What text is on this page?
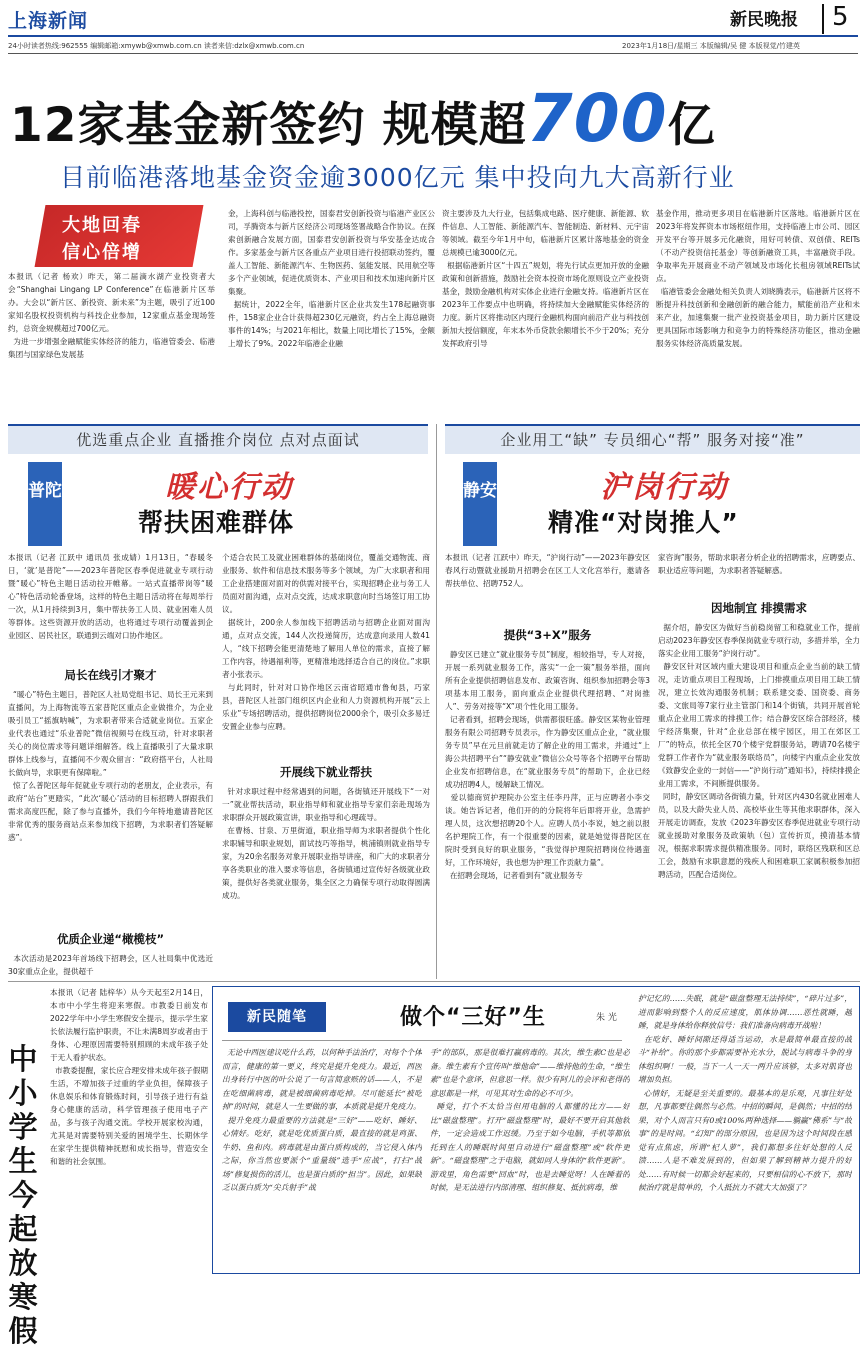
上海新闻	新民晚报 5
24小时读者热线:962555 编辑邮箱:xmywb@xmwb.com.cn 读者来信:dzlx@xmwb.com.cn	2023年1月18日/星期三 本版编辑/吴 健 本版视觉/竹建英
12家基金新签约 规模超700亿
目前临港落地基金资金逾3000亿元 集中投向九大高新行业
大地回春
信心倍增
本报讯（记者 杨欢）昨天，第二届滴水湖产业投资者大会“Shanghai Lingang LP Conference”在临港新片区举办。大会以“新片区、新投资、新未来”为主题，吸引了近100家知名股权投资机构与科技企业参加，12家重点基金现场签约，总资金规模超过700亿元。
为进一步增强金融赋能实体经济的能力，临港管委会、临港集团与国家绿色发展基
金，上海科创与临港投控，国泰君安创新投资与临港产业区公司，孚腾资本与新片区经济公司现场签署战略合作协议。在探索创新融合发展方面，国泰君安创新投资与华安基金达成合作。多家基金与新片区各重点产业项目进行投招联动签约，覆盖人工智能、新能源汽车、生物医药、氢能发展、民用航空等多个产业领域，促进优质资本、产业项目和技术加速向新片区集聚。
据统计，2022全年，临港新片区企业共发生178起融资事件，158家企业合计获得超230亿元融资，约占全上海总融资事件的14%；与2021年相比，数量上同比增长了15%，金额上增长了9%。2022年临港企业融
资主要涉及九大行业，包括集成电路、医疗健康、新能源、软件信息、人工智能、新能源汽车、智能制造、新材料、元宇宙等领域。截至今年1月中旬，临港新片区累计落地基金的资金总规模已逾3000亿元。
根据临港新片区“十四五”规划，将先行试点更加开放的金融政策和创新措施，鼓励社会资本投资市场化原则设立产业投资基金，鼓励金融机构对实体企业进行金融支持。临港新片区在2023年工作要点中也明确，将持续加大金融赋能实体经济的力度。新片区将推动区内现行金融机构面向前沿产业与科技创新加大授信额度，年末本外币贷款余额增长不少于20%；充分发挥政府引导
基金作用，推动更多项目在临港新片区落地。临港新片区在2023年将发挥资本市场枢纽作用，支持临港上市公司、园区开发平台等开展多元化融资，用好可转债、双创债、REITs（不动产投资信托基金）等创新融资工具，丰富融资手段。争取率先开展商业不动产领域及市场化长租房领域REITs试点。
临港管委会金融处相关负责人刘晓腾表示，临港新片区将不断提升科技创新和金融创新的融合能力，赋能前沿产业和未来产业，加速集聚一批产业投资基金项目，助力新片区建设更具国际市场影响力和竞争力的特殊经济功能区，推动金融服务实体经济高质量发展。
优选重点企业 直播推介岗位 点对点面试
普陀	暖心行动
帮扶困难群体
本报讯（记者 江跃中 通讯员 张成婧）1月13日，“春暖冬日，‘就’是普陀”——2023年普陀区春季促进就业专项行动暨“暖心”特色主题日活动拉开帷幕。一站式直播带岗等“暖心”特色活动轮番登场，这样的特色主题日活动将在每周举行一次，从1月持续到3月，集中帮扶务工人员、就业困难人员等群体。这些资源开放的活动，也将通过专项行动覆盖到企业园区、居民社区，联通到云端对口协作地区。
局长在线引才聚才
“暖心”特色主题日，普陀区人社局党组书记、局长王元来到直播间，为上海物流等五家普陀区重点企业做推介，为企业吸引员工“摇旗呐喊”，为求职者带来合适就业岗位。五家企业代表也通过“乐业普陀”微信视频号在线互动，针对求职者关心的岗位需求等问题详细解答。线上直播吸引了大量求职群体上线参与，直播间不少观众留言：“政府搭平台，人社局长做向导，求职更有保障啦。”
惊了么普陀区每年促就业专项行动的老朋友，企业表示，有政府“站台”更踏实，“此次‘暖心’活动的目标招聘人群跟我们需求高度匹配，除了参与直播外，我们今年特地邀请普陀区非常优秀的服务商站点来参加线下招聘，为求职者们答疑解惑”。
优质企业递“橄榄枝”
本次活动是2023年首场线下招聘会，区人社局集中优选近30家重点企业，提供超千
个适合农民工及就业困难群体的基础岗位，覆盖交通物流、商业服务、软件和信息技术服务等多个领域，为广大求职者和用工企业搭建面对面对的供需对接平台，实现招聘企业与务工人员面对面沟通，点对点交流，达成求职意向时当场签订用工协议。
据统计，200余人参加线下招聘活动与招聘企业面对面沟通，点对点交流，144人次投递简历，达成意向录用人数41人，“线下招聘会能更清楚地了解用人单位的需求，直接了解工作内容，待遇福利等，更精准地选择适合自己的岗位。”求职者小张表示。
与此同时，针对对口协作地区云南省昭通市鲁甸县，巧家县，普陀区人社部门组织区内企业和人力资源机构开展“云上乐业”专场招聘活动，提供招聘岗位2000余个，吸引众多易迁安置企业参与应聘。
开展线下就业帮扶
针对求职过程中经常遇到的问题，各街镇还开展线下“一对一”就业帮扶活动，职业指导师和就业指导专家们亲赴现场为求职群众开展政策宣讲，职业指导和心理疏导。
在曹杨、甘泉、万里街道，职业指导师为求职者提供个性化求职辅导和职业规划，面试技巧等指导，桃浦镇则就业指导专家，为20余名服务对象开展职业指导讲座，和广大的求职者分享各类职业的准入要求等信息，各街镇通过宣传好各级就业政策，提供好各类就业服务，集全区之力确保专项行动取得圆满成功。
企业用工“缺” 专员细心“帮” 服务对接“准”
静安	沪岗行动
精准“对岗推人”
本报讯（记者 江跃中）昨天，“沪岗行动”——2023年静安区春风行动暨就业援助月招聘会在区工人文化宫举行，邀请各帮扶单位、招聘752人。
提供“3+X”服务
静安区已建立“就业服务专员”制度，相较指导，专人对接，开展一系列就业服务工作，落实“一企一策”服务举措，面向所有企业提供招聘信息发布、政策咨询、组织参加招聘会等3项基本用工服务，面向重点企业提供代理招聘、“对岗推人”、劳务对接等“X”项个性化用工服务。
记者看到，招聘会现场，供需都很旺盛。静安区某物业管理服务有限公司招聘专员表示，作为静安区重点企业，“就业服务专员”早在元旦前就走访了解企业的用工需求，并通过“上海公共招聘平台”“静安就业”微信公众号等各个招聘平台帮助企业发布招聘信息，在“就业服务专员”的帮助下，企业已经成功招聘4人，缓解缺工情况。
爱以德商贸护理院办公室主任李丹萍，正与应聘者小李交谈。她告诉记者，他们开的的分院将年后即将开业，急需护理人员，这次想招聘20个人。应聘人员小李说，她之前以报名护理院工作，有一个很重要的因素，就是她觉得普陀区在院时受到良好的职业服务，“我觉得护理院招聘岗位待遇蛮好，工作环境好，我也想为护理工作贡献力量”。
在招聘会现场，记者看到有“就业服务专
家咨询”服务，帮助求职者分析企业的招聘需求，应聘要点、职业适应等问题，为求职者答疑解惑。
因地制宜 排摸需求
据介绍，静安区为做好当前稳岗留工和稳就业工作，提前启动2023年静安区春季保岗就业专项行动，多措并举，全力落实企业用工服务“沪岗行动”。
静安区针对区域内重大建设项目和重点企业当前的缺工情况，走访重点项目工程现场，上门排摸重点项目用工缺工情况，建立长效沟通服务机制；联系建交委、国资委、商务委、文旅局等7家行业主管部门和14个街镇，共同开展首轮重点企业用工需求的排摸工作；结合静安区综合部经济，楼宇经济集聚，针对“企业总部在楼宇园区，用工在郊区工厂”的特点，依托全区70个楼宇党群服务站，聘请70名楼宇党群工作者作为“就业服务联络员”，向楼宇内重点企业发放《致静安企业的一封信——“沪岗行动”通知书》，持续排摸企业用工需求，不间断提供服务。
同时，静安区调动各街镇力量，针对区内430名就业困难人员，以及大龄失业人员、高校毕业生等其他求职群体，深入开展走访调查，发放《2023年静安区春季促进就业专项行动就业援助对象服务及政策轨（包）宣传折页，摸清基本情况，根据求职需求提供精准服务。同时，联络区残联和区总工会，鼓励有求职意愿的残疾人和困难职工家属积极参加招聘活动，匹配合适岗位。
中小学生今起放寒假
本报讯（记者 陆梓华）从今天起至2月14日，本市中小学生将迎来寒假。市教委日前发布2022学年中小学生寒假安全提示，提示学生家长依法履行监护职责，不让未满8周岁或者由于身体、心理原因需要特别照顾的未成年孩子处于无人看护状态。
市教委提醒，家长应合理安排未成年孩子假期生活，不增加孩子过重的学业负担，保障孩子休息娱乐和体育锻炼时间，引导孩子进行有益身心健康的活动，科学管理孩子使用电子产品，多与孩子沟通交流。学校开展家校沟通，尤其是对需要特别关爱的困境学生、长期休学在家学生提供精神抚慰和成长指导，营造安全和谐的社会氛围。
新民随笔	做个“三好”生	朱 光
无论中西医建议吃什么药，以何种手法治疗，对每个个体而言，健康的第一要义，终究是提升免疫力。最近，西医出身转行中医的叶公说了一句言简意赅的话——人，不是在吃细菌病毒，就是被细菌病毒吃掉。尽可能延长“被吃掉”的时间，就是人一生要做的事，本质就是提升免疫力。
提升免疫力最重要的方法就是“三好”——吃好、睡好、心情好。吃好，就是吃优质蛋白质，最直接的就是鸡蛋、牛奶、鱼和肉。病毒就是由蛋白质构成的，当它侵入体内之际，你当然也要派个“重量级”选手“应战”，打扫“战场”修复损伤的活儿，也是蛋白质的“担当”。因此，如果缺乏以蛋白质为“尖兵射手”战
手”的部队，那是很难打赢病毒的。其次，维生素C也是必备。维生素有个宣传叫“维他命”——维持他的生命，“维生素”也是个意译，但意思一样。很少有阿儿的会评和老得的意思都是一样，可见其对生命的必不可少。
睡觉，打个不太恰当但用电脑的人都懂的比方——好比“磁盘整理”。打开“磁盘整理”时，最好不要开启其他软件，一定会造成工作迟缓。乃至于如今电脑，手机等都依托到在人的睡眠时间里自动进行“磁盘整理”或“软件更新”。“磁盘整理”之于电脑，就如同人身体的“软件更新”。游戏里，角色需要“回血”时，也是去睡觉呀！人在睡着的时候，是无法进行内部清理、组织修复、抵抗病毒，维
护记忆的……失眠，就是“磁盘整理无法持续”，“碎片过多”，进而影响到整个人的反应速度，肌体协调……恶性就睡，越睡，就是身体给你释放信号：我们准备向病毒开战啦！
在吃好、睡好间隙还得适当运动，水是最简单最直接的战斗“补给”。你的那个步都需要补充水分，脱试与病毒斗争的身体组织啊！一般，当下一人一天一两升应该够，太多对肌肾也增加负担。
心情好，无疑是至关重要的。最基本的是乐观，凡事往好处想，凡事都要往偶然与必然。中招的瞬间，是偶然；中招的结果，对个人而言只有0或100%两种选择——躺赢“佛系”与“故事”的是时间。“幻知”的部分原因，也是因为这个时间段在感觉有点焦虑，所谓“杞人萝”，我们都想多往好处想的人反馈……人是不难发展到的，但如果了解到精神力提升的好处……有时候一切都会好起来的，只要相信的心不放下，那时候治疗就是简单的，个人抵抗力不就大大加强了？
